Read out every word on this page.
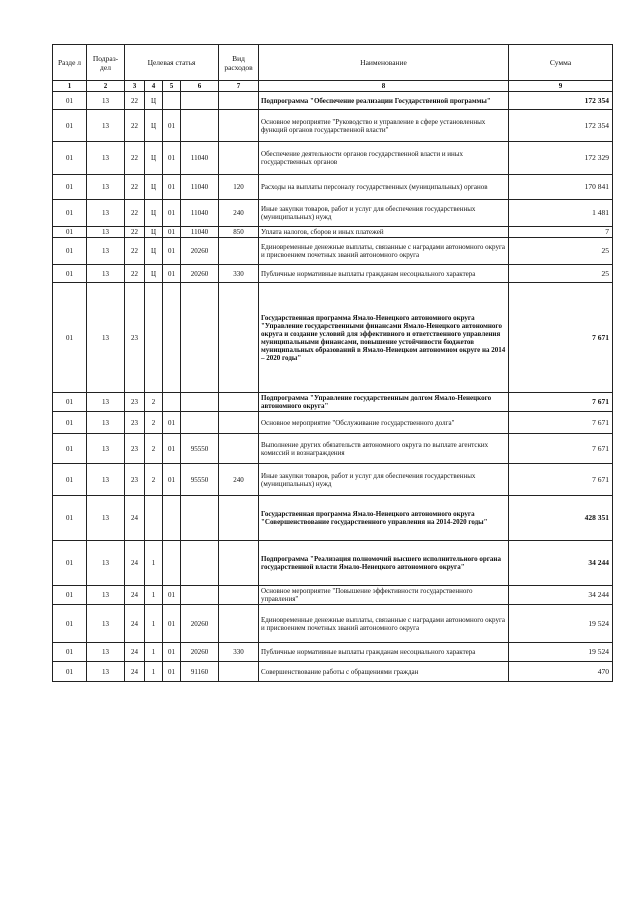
Разде л	Подраз- дел	Целевая статья				Вид расходов	Наименование	Сумма
1	2	3	4	5	6	7	8	9
01	13	22	Ц				Подпрограмма "Обеспечение реализации Государственной программы"	172 354
01	13	22	Ц	01			Основное мероприятие "Руководство и управление в сфере установленных функций органов государственной власти"	172 354
01	13	22	Ц	01	11040		Обеспечение деятельности органов государственной власти и иных государственных органов	172 329
01	13	22	Ц	01	11040	120	Расходы на выплаты персоналу государственных (муниципальных) органов	170 841
01	13	22	Ц	01	11040	240	Иные закупки товаров, работ и услуг для обеспечения государственных (муниципальных) нужд	1 481
01	13	22	Ц	01	11040	850	Уплата налогов, сборов и иных платежей	7
01	13	22	Ц	01	20260		Единовременные денежные выплаты, связанные с наградами автономного округа и присвоением почетных званий автономного округа	25
01	13	22	Ц	01	20260	330	Публичные нормативные выплаты гражданам несоциального характера	25
01	13	23					Государственная программа Ямало-Ненецкого автономного округа "Управление государственными финансами Ямало-Ненецкого автономного округа и создание условий для эффективного и ответственного управления муниципальными финансами, повышение устойчивости бюджетов муниципальных образований в Ямало-Ненецком автономном округе на 2014 – 2020 годы"	7 671
01	13	23	2				Подпрограмма "Управление государственным долгом Ямало-Ненецкого автономного округа"	7 671
01	13	23	2	01			Основное мероприятие "Обслуживание государственного долга"	7 671
01	13	23	2	01	95550		Выполнение других обязательств автономного округа по выплате агентских комиссий и вознаграждения	7 671
01	13	23	2	01	95550	240	Иные закупки товаров, работ и услуг для обеспечения государственных (муниципальных) нужд	7 671
01	13	24					Государственная программа Ямало-Ненецкого автономного округа "Совершенствование государственного управления на 2014-2020 годы"	428 351
01	13	24	1				Подпрограмма "Реализация полномочий высшего исполнительного органа государственной власти Ямало-Ненецкого автономного округа"	34 244
01	13	24	1	01			Основное мероприятие "Повышение эффективности государственного управления"	34 244
01	13	24	1	01	20260		Единовременные денежные выплаты, связанные с наградами автономного округа и присвоением почетных званий автономного округа	19 524
01	13	24	1	01	20260	330	Публичные нормативные выплаты гражданам несоциального характера	19 524
01	13	24	1	01	91160		Совершенствование работы с обращениями граждан	470
